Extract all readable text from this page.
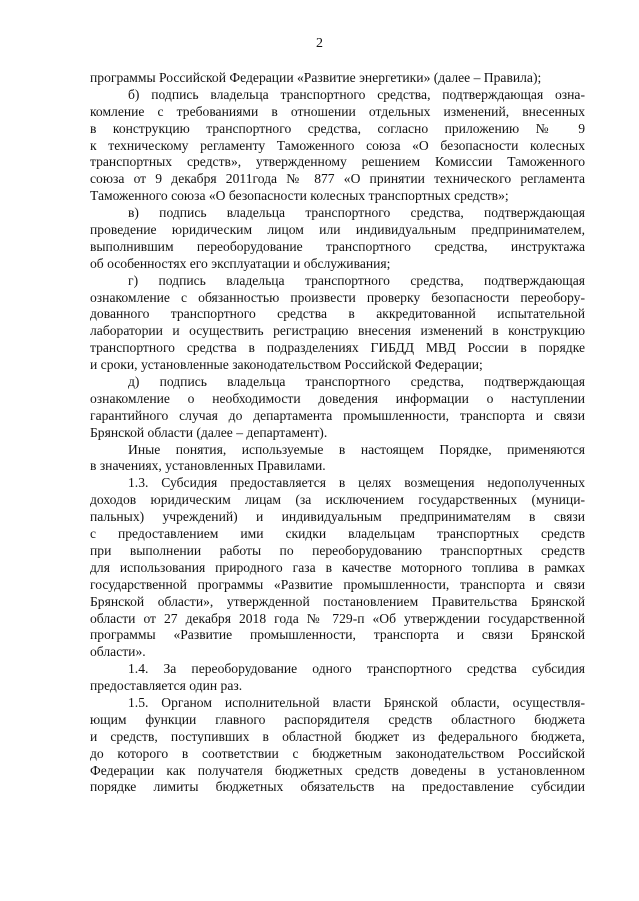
2
программы Российской Федерации «Развитие энергетики» (далее – Правила);
б) подпись владельца транспортного средства, подтверждающая озна-
комление с требованиями в отношении отдельных изменений, внесенных
в конструкцию транспортного средства, согласно приложению № 9
к техническому регламенту Таможенного союза «О безопасности колесных
транспортных средств», утвержденному решением Комиссии Таможенного
союза от 9 декабря 2011года № 877 «О принятии технического регламента
Таможенного союза «О безопасности колесных транспортных средств»;
в) подпись владельца транспортного средства, подтверждающая
проведение юридическим лицом или индивидуальным предпринимателем,
выполнившим переоборудование транспортного средства, инструктажа
об особенностях его эксплуатации и обслуживания;
г) подпись владельца транспортного средства, подтверждающая
ознакомление с обязанностью произвести проверку безопасности переобору-
дованного транспортного средства в аккредитованной испытательной
лаборатории и осуществить регистрацию внесения изменений в конструкцию
транспортного средства в подразделениях ГИБДД МВД России в порядке
и сроки, установленные законодательством Российской Федерации;
д) подпись владельца транспортного средства, подтверждающая
ознакомление о необходимости доведения информации о наступлении
гарантийного случая до департамента промышленности, транспорта и связи
Брянской области (далее – департамент).
Иные понятия, используемые в настоящем Порядке, применяются
в значениях, установленных Правилами.
1.3. Субсидия предоставляется в целях возмещения недополученных
доходов юридическим лицам (за исключением государственных (муници-
пальных) учреждений) и индивидуальным предпринимателям в связи
с предоставлением ими скидки владельцам транспортных средств
при выполнении работы по переоборудованию транспортных средств
для использования природного газа в качестве моторного топлива в рамках
государственной программы «Развитие промышленности, транспорта и связи
Брянской области», утвержденной постановлением Правительства Брянской
области от 27 декабря 2018 года № 729-п «Об утверждении государственной
программы «Развитие промышленности, транспорта и связи Брянской
области».
1.4. За переоборудование одного транспортного средства субсидия
предоставляется один раз.
1.5. Органом исполнительной власти Брянской области, осуществля-
ющим функции главного распорядителя средств областного бюджета
и средств, поступивших в областной бюджет из федерального бюджета,
до которого в соответствии с бюджетным законодательством Российской
Федерации как получателя бюджетных средств доведены в установленном
порядке лимиты бюджетных обязательств на предоставление субсидии
